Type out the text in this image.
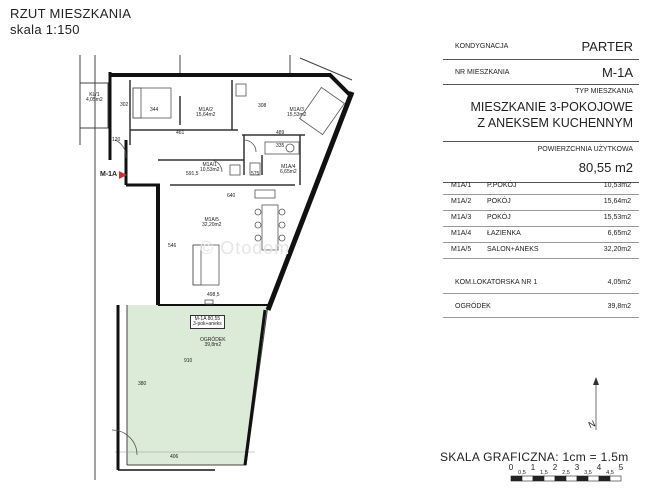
N
RZUT MIESZKANIA
skala 1:150
© Otodom
M-1A
KL/1
4,05m2
M1A/2
15,64m2
M1A/3
15,53m2
M1A/1
10,53m2	M1A/4
6,65m2
M1A/5
32,20m2
M-1A 80,55
3-pok+aneks
OGRÓDEK
39,8m2
461	489
591,5
335
640
575
546
498,5
910
406
380
120
302
344
308
KONDYGNACJA	PARTER
NR MIESZKANIA	M-1A
TYP MIESZKANIA
MIESZKANIE 3-POKOJOWE
Z ANEKSEM KUCHENNYM
POWIERZCHNIA UŻYTKOWA
80,55 m2
M1A/1 P.POKÓJ	10,53m2
M1A/2 POKÓJ	15,64m2
M1A/3 POKÓJ	15,53m2
M1A/4 ŁAZIENKA	6,65m2
M1A/5 SALON+ANEKS	32,20m2
KOM.LOKATORSKA NR 1	4,05m2
OGRÓDEK	39,8m2
SKALA GRAFICZNA: 1cm = 1.5m
0
0,5
1
1,5
2
2,5
3
3,5
4
4,5
5
